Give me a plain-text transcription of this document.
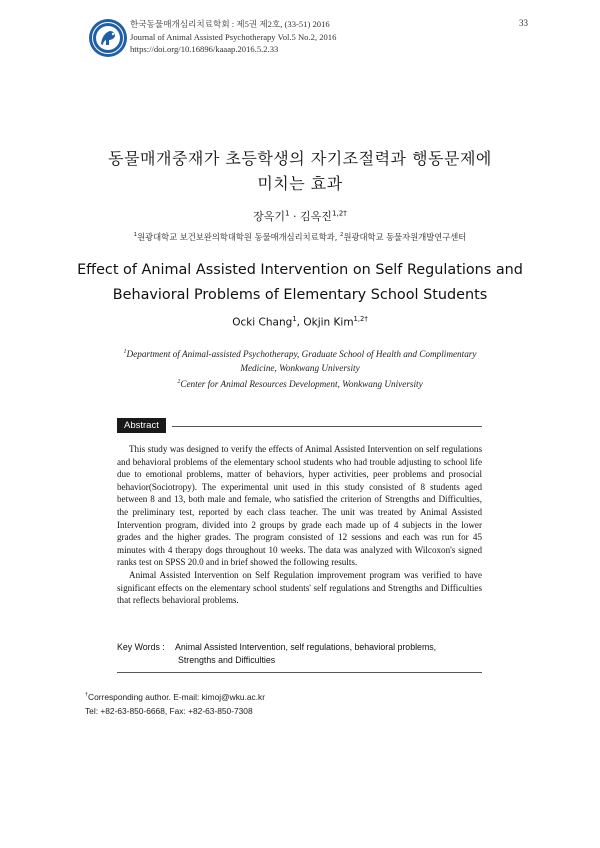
한국동물매개심리치료학회 : 제5권 제2호, (33-51) 2016
Journal of Animal Assisted Psychotherapy Vol.5 No.2, 2016
https://doi.org/10.16896/kaaap.2016.5.2.33
33
동물매개중재가 초등학생의 자기조절력과 행동문제에
미치는 효과
장옥기$^1$ · 김옥진$^{1,2\dagger}$
$^1$원광대학교 보건보완의학대학원 동물매개심리치료학과, $^2$원광대학교 동물자원개발연구센터
Effect of Animal Assisted Intervention on Self Regulations and
Behavioral Problems of Elementary School Students
Ocki Chang$^1$, Okjin Kim$^{1,2\dagger}$
$^1$Department of Animal-assisted Psychotherapy, Graduate School of Health and Complimentary
Medicine, Wonkwang University
$^2$Center for Animal Resources Development, Wonkwang University
Abstract

This study was designed to verify the effects of Animal Assisted Intervention on self regulations and behavioral problems of the elementary school students who had trouble adjusting to school life due to emotional problems, matter of behaviors, hyper activities, peer problems and prosocial behavior(Sociotropy). The experimental unit used in this study consisted of 8 students aged between 8 and 13, both male and female, who satisfied the criterion of Strengths and Difficulties, the preliminary test, reported by each class teacher. The unit was treated by Animal Assisted Intervention program, divided into 2 groups by grade each made up of 4 subjects in the lower grades and the higher grades. The program consisted of 12 sessions and each was run for 45 minutes with 4 therapy dogs throughout 10 weeks. The data was analyzed with Wilcoxon's signed ranks test on SPSS 20.0 and in brief showed the following results.

Animal Assisted Intervention on Self Regulation improvement program was verified to have significant effects on the elementary school students' self regulations and Strengths and Difficulties that reflects behavioral problems.

Key Words : Animal Assisted Intervention, self regulations, behavioral problems,
Strengths and Difficulties
†Corresponding author. E-mail: kimoj@wku.ac.kr
Tel: +82-63-850-6668, Fax: +82-63-850-7308
